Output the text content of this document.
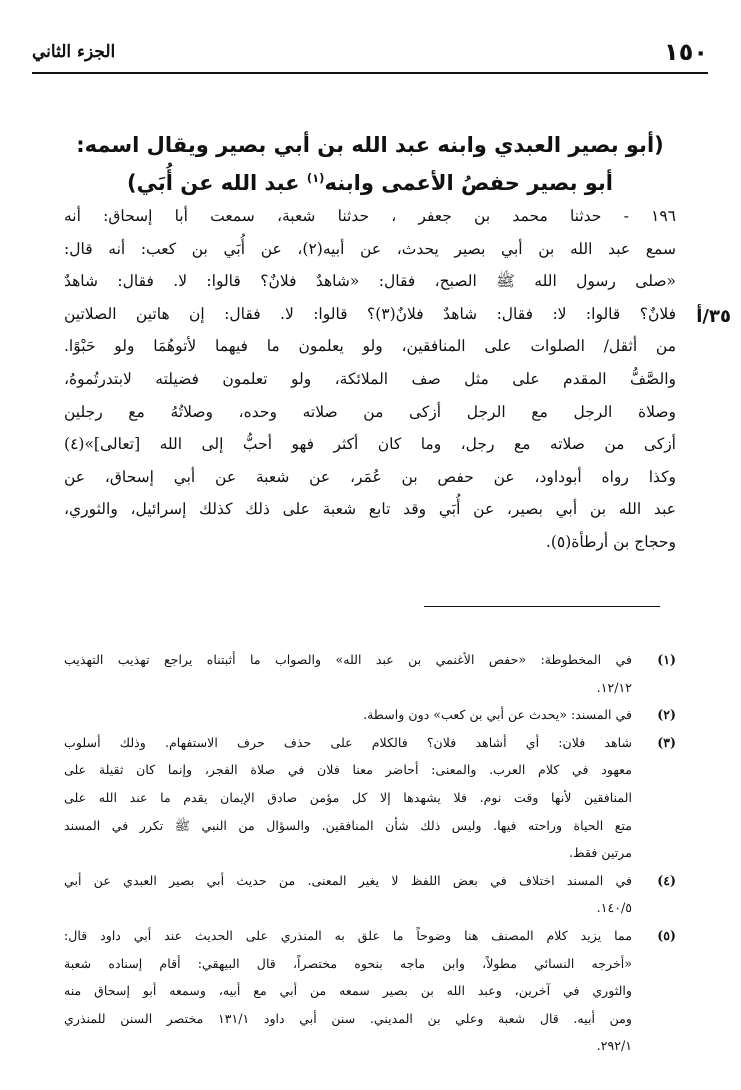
١٥٠
الجزء الثاني
(أبو بصير العبدي وابنه عبد الله بن أبي بصير ويقال اسمه:
أبو بصير حفصُ الأعمى وابنه$^{(١)}$ عبد الله عن أُبَي)
٣٥/أ
١٩٦ - حدثنا محمد بن جعفر ، حدثنا شعبة، سمعت أبا إسحاق: أنه
سمع عبد الله بن أبي بصير يحدث، عن أبيه(٢)، عن أُبَي بن كعب: أنه قال:
«صلى رسول الله ﷺ الصبح، فقال: «شاهدٌ فلانٌ؟ قالوا: لا. فقال: شاهدٌ
فلانٌ؟ قالوا: لا: فقال: شاهدٌ فلانٌ(٣)؟ قالوا: لا. فقال: إن هاتين الصلاتين
من أثقل/ الصلوات على المنافقين، ولو يعلمون ما فيهما لأتوهُمَا ولو حَبْوًا.
والصَّفُّ المقدم على مثل صف الملائكة، ولو تعلمون فضيلته لابتدرتُموهُ،
وصلاة الرجل مع الرجل أزكى من صلاته وحده، وصلاتُهُ مع رجلين
أزكى من صلاته مع رجل، وما كان أكثر فهو أحبُّ إلى الله [تعالى]»(٤)
وكذا رواه أبوداود، عن حفص بن عُمَر، عن شعبة عن أبي إسحاق، عن
عبد الله بن أبي بصير، عن أُبَي وقد تابع شعبة على ذلك كذلك إسرائيل، والثوري،
وحجاج بن أرطأة(٥).
(١)
في المخطوطة: «حفص الأغنمي بن عبد الله» والصواب ما أثبتناه يراجع تهذيب التهذيب
١٢/١٢.
(٢)
في المسند: «يحدث عن أبي بن كعب» دون واسطة.
(٣)
شاهد فلان: أي أشاهد فلان؟ فالكلام على حذف حرف الاستفهام. وذلك أسلوب
معهود في كلام العرب. والمعنى: أحاضر معنا فلان في صلاة الفجر، وإنما كان ثقيلة على
المنافقين لأنها وقت نوم. فلا يشهدها إلا كل مؤمن صادق الإيمان يقدم ما عند الله على
متع الحياة وراحته فيها. وليس ذلك شأن المنافقين. والسؤال من النبي ﷺ تكرر في المسند
مرتين فقط.
(٤)
في المسند اختلاف في بعض اللفظ لا يغير المعنى. من حديث أبي بصير العبدي عن أبي
١٤٠/٥.
(٥)
مما يزيد كلام المصنف هنا وضوحاً ما علق به المنذري على الحديث عند أبي داود قال:
«أخرجه النسائي مطولاً، وابن ماجه بنحوه مختصراً، قال البيهقي: أقام إسناده شعبة
والثوري في آخرين، وعبد الله بن بصير سمعه من أبي مع أبيه، وسمعه أبو إسحاق منه
ومن أبيه. قال شعبة وعلي بن المديني. سنن أبي داود ١٣١/١ مختصر السنن للمنذري
٢٩٢/١.
